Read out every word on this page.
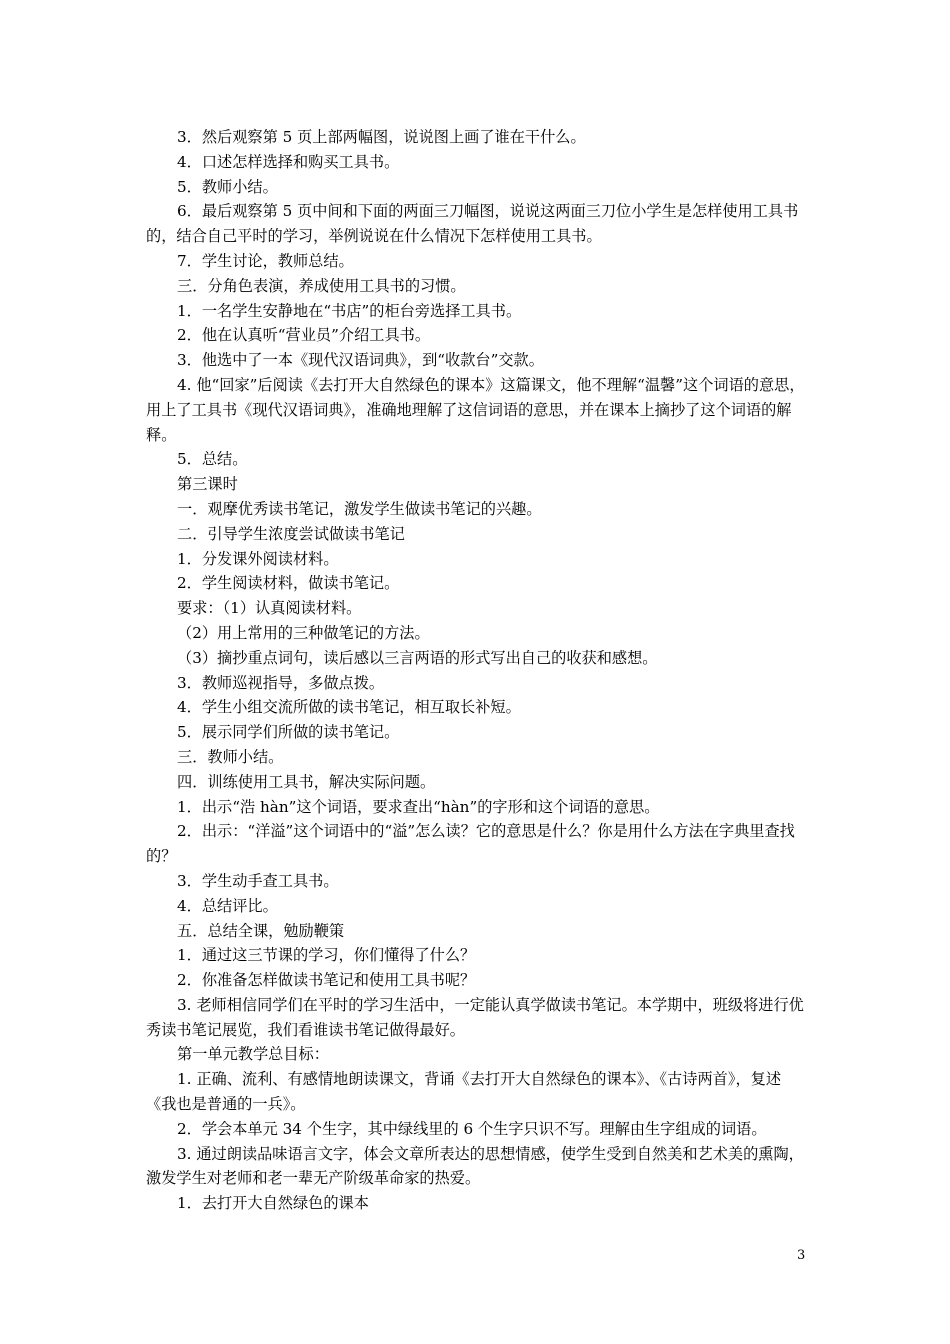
3．然后观察第 5 页上部两幅图，说说图上画了谁在干什么。

4．口述怎样选择和购买工具书。

5．教师小结。

6．最后观察第 5 页中间和下面的两面三刀幅图，说说这两面三刀位小学生是怎样使用工具书的，结合自己平时的学习，举例说说在什么情况下怎样使用工具书。

7．学生讨论，教师总结。

三．分角色表演，养成使用工具书的习惯。

1．一名学生安静地在“书店”的柜台旁选择工具书。

2．他在认真听“营业员”介绍工具书。

3．他选中了一本《现代汉语词典》，到“收款台”交款。

4. 他“回家”后阅读《去打开大自然绿色的课本》这篇课文，他不理解“温馨”这个词语的意思，用上了工具书《现代汉语词典》，准确地理解了这信词语的意思，并在课本上摘抄了这个词语的解释。

5．总结。

第三课时

一．观摩优秀读书笔记，激发学生做读书笔记的兴趣。

二．引导学生浓度尝试做读书笔记

1．分发课外阅读材料。

2．学生阅读材料，做读书笔记。

要求：（1）认真阅读材料。

（2）用上常用的三种做笔记的方法。

（3）摘抄重点词句，读后感以三言两语的形式写出自己的收获和感想。

3．教师巡视指导，多做点拨。

4．学生小组交流所做的读书笔记，相互取长补短。

5．展示同学们所做的读书笔记。

三．教师小结。

四．训练使用工具书，解决实际问题。

1．出示“浩 hàn”这个词语，要求查出“hàn”的字形和这个词语的意思。

2．出示：“洋溢”这个词语中的“溢”怎么读？它的意思是什么？你是用什么方法在字典里查找的？

3．学生动手查工具书。

4．总结评比。

五．总结全课，勉励鞭策

1．通过这三节课的学习，你们懂得了什么？

2．你准备怎样做读书笔记和使用工具书呢？

3. 老师相信同学们在平时的学习生活中，一定能认真学做读书笔记。本学期中，班级将进行优秀读书笔记展览，我们看谁读书笔记做得最好。

第一单元教学总目标：

1. 正确、流利、有感情地朗读课文，背诵《去打开大自然绿色的课本》、《古诗两首》，复述《我也是普通的一兵》。

2．学会本单元 34 个生字，其中绿线里的 6 个生字只识不写。理解由生字组成的词语。

3. 通过朗读品味语言文字，体会文章所表达的思想情感，使学生受到自然美和艺术美的熏陶，激发学生对老师和老一辈无产阶级革命家的热爱。

1．去打开大自然绿色的课本

3
